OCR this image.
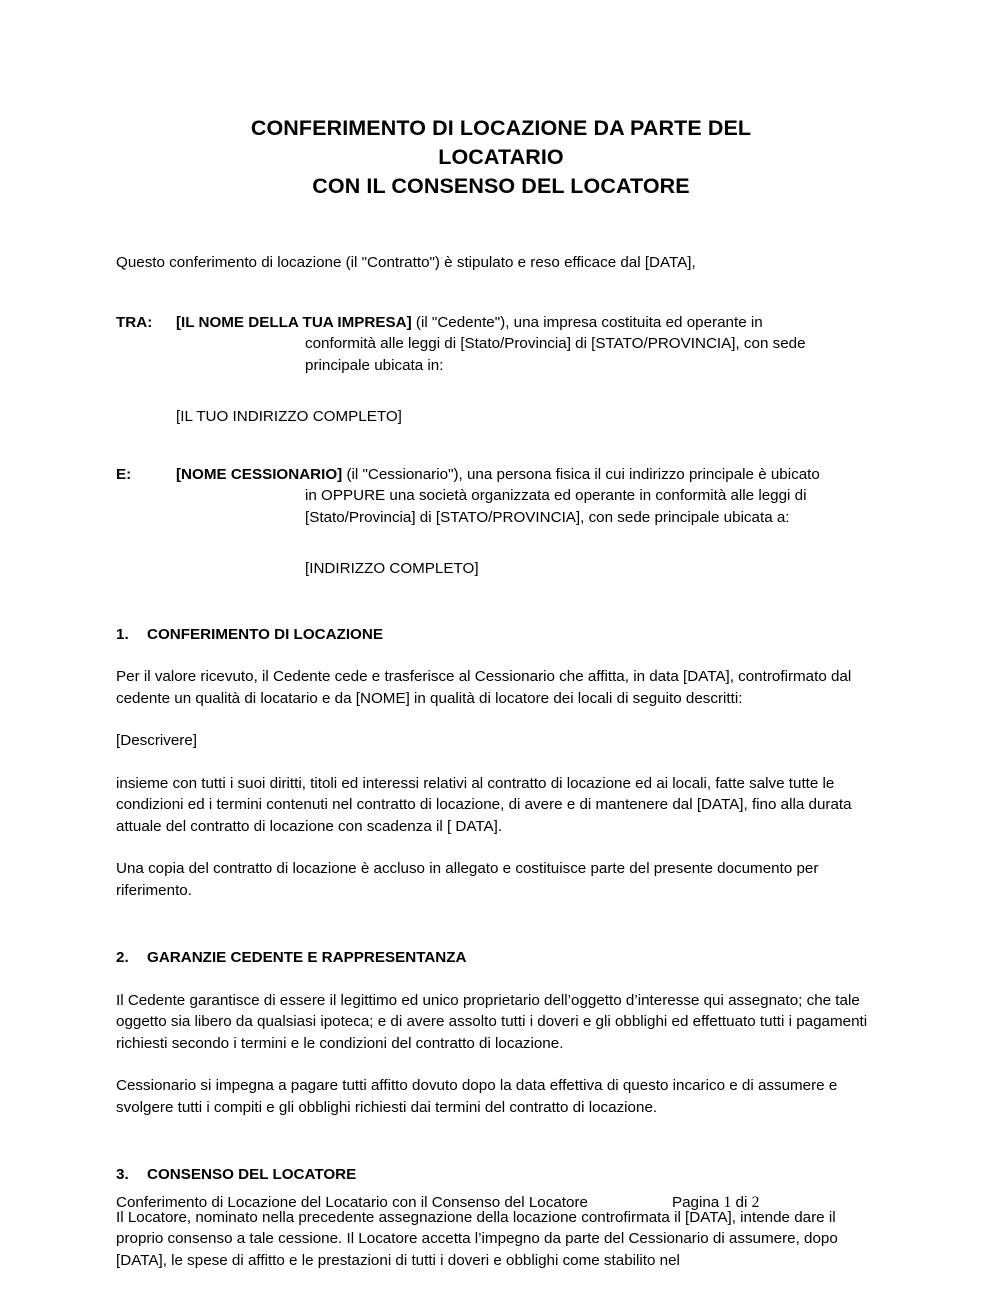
CONFERIMENTO DI LOCAZIONE DA PARTE DEL
LOCATARIO
CON IL CONSENSO DEL LOCATORE

Questo conferimento di locazione (il "Contratto") è stipulato e reso efficace dal [DATA],

TRA:	[IL NOME DELLA TUA IMPRESA] (il "Cedente"), una impresa costituita ed operante in
conformità alle leggi di [Stato/Provincia] di [STATO/PROVINCIA], con sede
principale ubicata in:
[IL TUO INDIRIZZO COMPLETO]
E:	[NOME CESSIONARIO] (il "Cessionario"), una persona fisica il cui indirizzo principale è ubicato
in OPPURE una società organizzata ed operante in conformità alle leggi di
[Stato/Provincia] di [STATO/PROVINCIA], con sede principale ubicata a:
[INDIRIZZO COMPLETO]
1. CONFERIMENTO DI LOCAZIONE

Per il valore ricevuto, il Cedente cede e trasferisce al Cessionario che affitta, in data [DATA], controfirmato dal cedente un qualità di locatario e da [NOME] in qualità di locatore dei locali di seguito descritti:

[Descrivere]

insieme con tutti i suoi diritti, titoli ed interessi relativi al contratto di locazione ed ai locali, fatte salve tutte le condizioni ed i termini contenuti nel contratto di locazione, di avere e di mantenere dal [DATA], fino alla durata attuale del contratto di locazione con scadenza il [ DATA].

Una copia del contratto di locazione è accluso in allegato e costituisce parte del presente documento per riferimento.

2. GARANZIE CEDENTE E RAPPRESENTANZA

Il Cedente garantisce di essere il legittimo ed unico proprietario dell’oggetto d’interesse qui assegnato; che tale oggetto sia libero da qualsiasi ipoteca; e di avere assolto tutti i doveri e gli obblighi ed effettuato tutti i pagamenti richiesti secondo i termini e le condizioni del contratto di locazione.

Cessionario si impegna a pagare tutti affitto dovuto dopo la data effettiva di questo incarico e di assumere e svolgere tutti i compiti e gli obblighi richiesti dai termini del contratto di locazione.

3. CONSENSO DEL LOCATORE

Il Locatore, nominato nella precedente assegnazione della locazione controfirmata il [DATA], intende dare il proprio consenso a tale cessione. Il Locatore accetta l’impegno da parte del Cessionario di assumere, dopo [DATA], le spese di affitto e le prestazioni di tutti i doveri e obblighi come stabilito nel

Conferimento di Locazione del Locatario con il Consenso del Locatore	Pagina 1 di 2
